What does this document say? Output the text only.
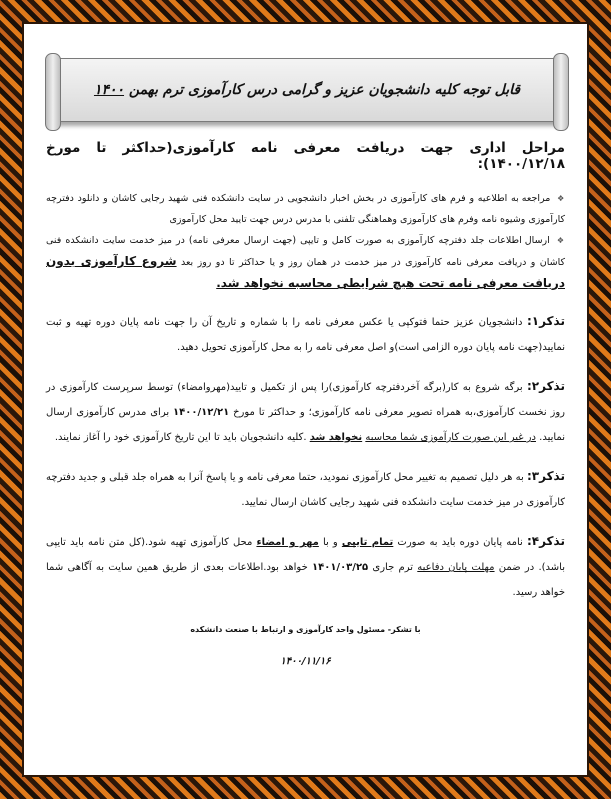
قابل توجه کلیه دانشجویان عزیز و گرامی درس کارآموزی ترم بهمن ۱۴۰۰
مراحل اداری جهت دریافت معرفی نامه کارآموزی(حداکثر تا مورخ ۱۴۰۰/۱۲/۱۸):
❖ مراجعه به اطلاعیه و فرم های کارآموزی در بخش اخبار دانشجویی در سایت دانشکده فنی شهید رجایی کاشان و دانلود دفترچه کارآموزی وشیوه نامه وفرم های کارآموزی وهماهنگی تلفنی با مدرس درس جهت تایید محل کارآموزی
❖ ارسال اطلاعات جلد دفترچه کارآموزی به صورت کامل و تایپی (جهت ارسال معرفی نامه) در میز خدمت سایت دانشکده فنی کاشان و دریافت معرفی نامه کارآموزی در میز خدمت در همان روز و یا حداکثر تا دو روز بعد شروع کارآموزی بدون دریافت معرفی نامه تحت هیچ شرایطی محاسبه نخواهد شد.
تذکر۱: دانشجویان عزیز حتما فتوکپی یا عکس معرفی نامه را با شماره و تاریخ آن را جهت نامه پایان دوره تهیه و ثبت نمایید(جهت نامه پایان دوره الزامی است)و اصل معرفی نامه را به محل کارآموزی تحویل دهید.
تذکر۲: برگه شروع به کار(برگه آخردفترچه کارآموزی)را پس از تکمیل و تایید(مهروامضاء) توسط سرپرست کارآموزی در روز نخست کارآموزی،به همراه تصویر معرفی نامه کارآموزی؛ و حداکثر تا مورخ ۱۴۰۰/۱۲/۲۱ برای مدرس کارآموزی ارسال نمایید. در غیر این صورت کارآموزی شما محاسبه نخواهد شد .کلیه دانشجویان باید تا این تاریخ کارآموزی خود را آغاز نمایند.
تذکر۳: به هر دلیل تصمیم به تغییر محل کارآموزی نمودید، حتما معرفی نامه و یا پاسخ آنرا به همراه جلد قبلی و جدید دفترچه کارآموزی در میز خدمت سایت دانشکده فنی شهید رجایی کاشان ارسال نمایید.
تذکر۴: نامه پایان دوره باید به صورت تمام تایپی و با مهر و امضاء محل کارآموزی تهیه شود.(کل متن نامه باید تایپی باشد). در ضمن مهلت پایان دفاعیه ترم جاری ۱۴۰۱/۰۳/۲۵ خواهد بود.اطلاعات بعدی از طریق همین سایت به آگاهی شما خواهد رسید.
با تشکر- مسئول واحد کارآموزی و ارتباط با صنعت دانشکده
۱۴۰۰/۱۱/۱۶
